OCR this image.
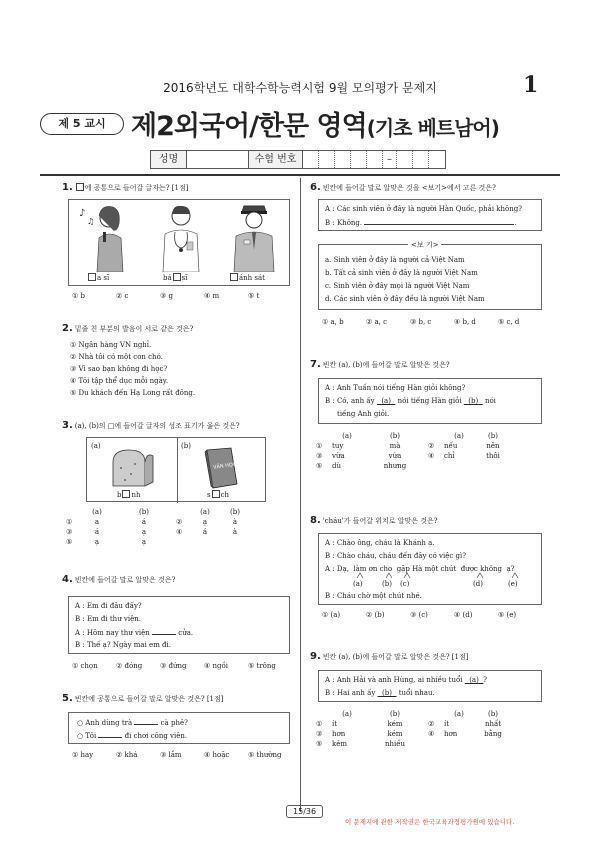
2016학년도 대학수학능력시험 9월 모의평가 문제지	1
제 5 교시 제2외국어/한문 영역(기초 베트남어)
성명	수험 번호	–
1. 에 공통으로 들어갈 글자는? [1점]
♪
♫
a sĩ	bá sĩ	ánh sát
① b	② c	③ g	④ m	⑤ t
2. 밑줄 친 부분의 발음이 서로 같은 것은?
① Ngân hàng VN nghỉ.
② Nhà tôi có một con chó.
③ Vì sao bạn không đi học?
④ Tôi tập thể dục mỗi ngày.
⑤ Du khách đến Hạ Long rất đông.
3. (a), (b)의 □에 들어갈 글자의 성조 표기가 옳은 것은?
(a)	(b)
VĂN HỌC
b nh	s ch
	(a)	(b)		(a)	(b)
①	a	á	②	ạ	à
③	á	ạ	④	á	à
⑤	ạ	ạ			
4. 빈칸에 들어갈 말로 알맞은 것은?
A : Em đi đâu đấy?
B : Em đi thư viện.
A : Hôm nay thư viện	cửa.
B : Thế ạ? Ngày mai em đi.
① chọn	② đóng	③ đứng	④ ngồi	⑤ trông
5. 빈칸에 공통으로 들어갈 말로 알맞은 것은? [1점]
○ Anh dùng trà	cà phê?
○ Tôi	đi chơi công viên.
① hay	② khá	③ lắm	④ hoặc	⑤ thường
6. 빈칸에 들어갈 말로 알맞은 것을 <보기>에서 고른 것은?
A : Các sinh viên ở đây là người Hàn Quốc, phải không?
B : Không.	.
a. Sinh viên ở đây là người cả Việt Nam
b. Tất cả sinh viên ở đây là người Việt Nam
c. Sinh viên ở đây mọi là người Việt Nam
d. Các sinh viên ở đây đều là người Việt Nam
<보 기>
① a, b	② a, c	③ b, c	④ b, d	⑤ c, d
7. 빈칸 (a), (b)에 들어갈 말로 알맞은 것은?
A : Anh Tuấn nói tiếng Hàn giỏi không?
B : Có, anh ấy (a) nói tiếng Hàn giỏi (b) nói
tiếng Anh giỏi.
	(a)	(b)		(a)	(b)
①	tuy	mà	②	nếu	nên
③	vừa	vừa	④	chỉ	thôi
⑤	dù	nhưng			
8. 'cháu'가 들어갈 위치로 알맞은 것은?
A : Chào ông, cháu là Khánh ạ.
B : Chào cháu, cháu đến đây có việc gì?
A : Dạ, làm ơn cho gặp Hà một chút được không ạ?
(a)	(b) (c)	(d)	(e)
B : Cháu chờ một chút nhé.
① (a)	② (b)	③ (c)	④ (d)	⑤ (e)
9. 빈칸 (a), (b)에 들어갈 말로 알맞은 것은? [1점]
A : Anh Hải và anh Hùng, ai nhiều tuổi (a) ?
B : Hai anh ấy (b) tuổi nhau.
	(a)	(b)		(a)	(b)
①	ít	kém	②	ít	nhất
③	hơn	kém	④	hơn	bằng
⑤	kém	nhiều			
15/36
이 문제지에 관한 저작권은 한국교육과정평가원에 있습니다.
